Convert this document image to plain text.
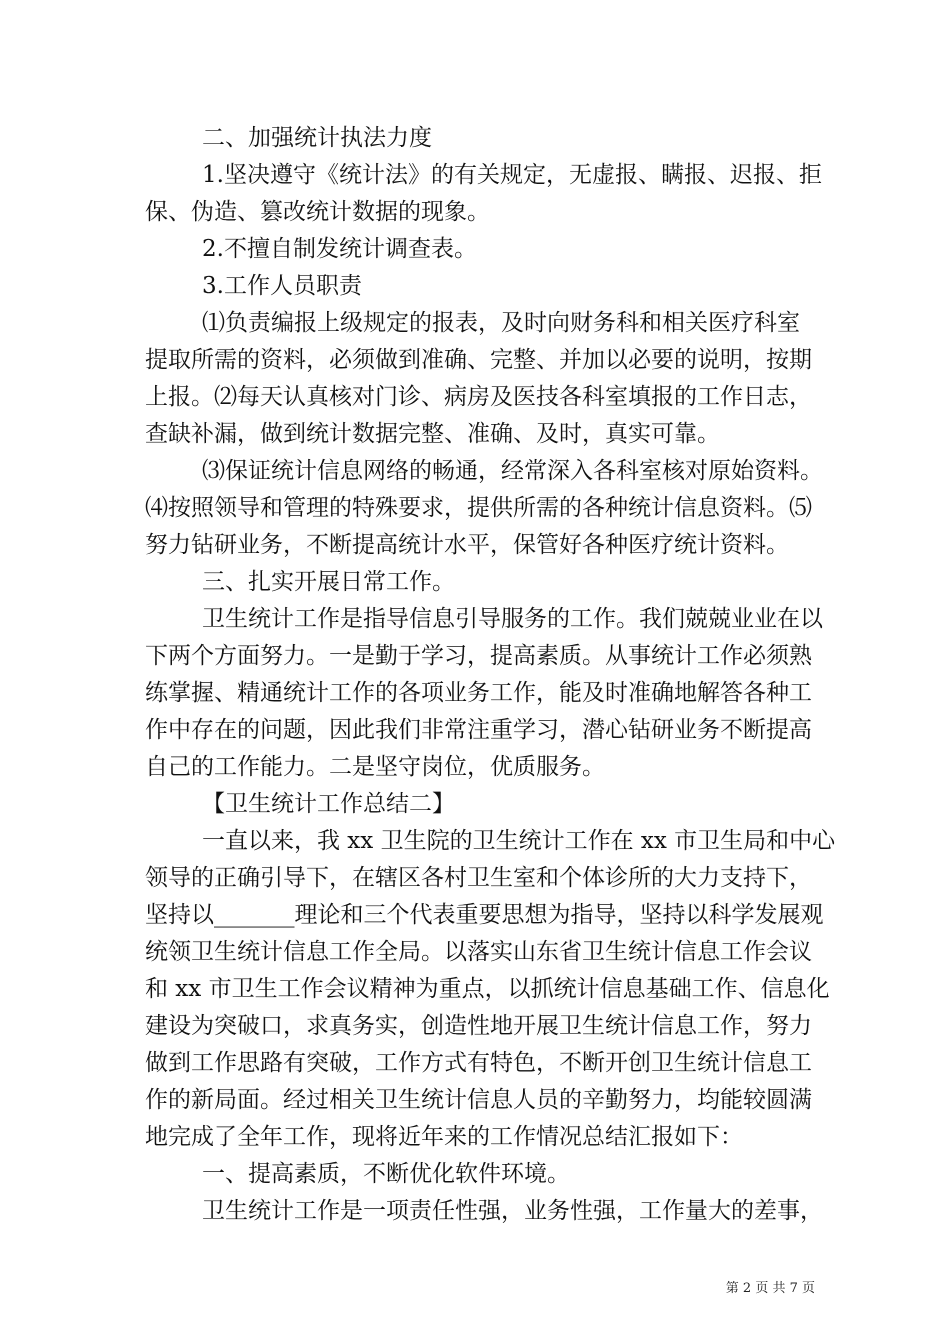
二、加强统计执法力度

1.坚决遵守《统计法》的有关规定，无虚报、瞒报、迟报、拒

保、伪造、篡改统计数据的现象。

2.不擅自制发统计调查表。

3.工作人员职责

⑴负责编报上级规定的报表，及时向财务科和相关医疗科室

提取所需的资料，必须做到准确、完整、并加以必要的说明，按期

上报。⑵每天认真核对门诊、病房及医技各科室填报的工作日志，

查缺补漏，做到统计数据完整、准确、及时，真实可靠。

⑶保证统计信息网络的畅通，经常深入各科室核对原始资料。

⑷按照领导和管理的特殊要求，提供所需的各种统计信息资料。⑸

努力钻研业务，不断提高统计水平，保管好各种医疗统计资料。

三、扎实开展日常工作。

卫生统计工作是指导信息引导服务的工作。我们兢兢业业在以

下两个方面努力。一是勤于学习，提高素质。从事统计工作必须熟

练掌握、精通统计工作的各项业务工作，能及时准确地解答各种工

作中存在的问题，因此我们非常注重学习，潜心钻研业务不断提高

自己的工作能力。二是坚守岗位，优质服务。

【卫生统计工作总结二】

一直以来，我 xx 卫生院的卫生统计工作在 xx 市卫生局和中心

领导的正确引导下，在辖区各村卫生室和个体诊所的大力支持下，

坚持以_______理论和三个代表重要思想为指导，坚持以科学发展观

统领卫生统计信息工作全局。以落实山东省卫生统计信息工作会议

和 xx 市卫生工作会议精神为重点，以抓统计信息基础工作、信息化

建设为突破口，求真务实，创造性地开展卫生统计信息工作，努力

做到工作思路有突破，工作方式有特色，不断开创卫生统计信息工

作的新局面。经过相关卫生统计信息人员的辛勤努力，均能较圆满

地完成了全年工作，现将近年来的工作情况总结汇报如下：

一、提高素质，不断优化软件环境。

卫生统计工作是一项责任性强，业务性强，工作量大的差事，

第 2 页 共 7 页
